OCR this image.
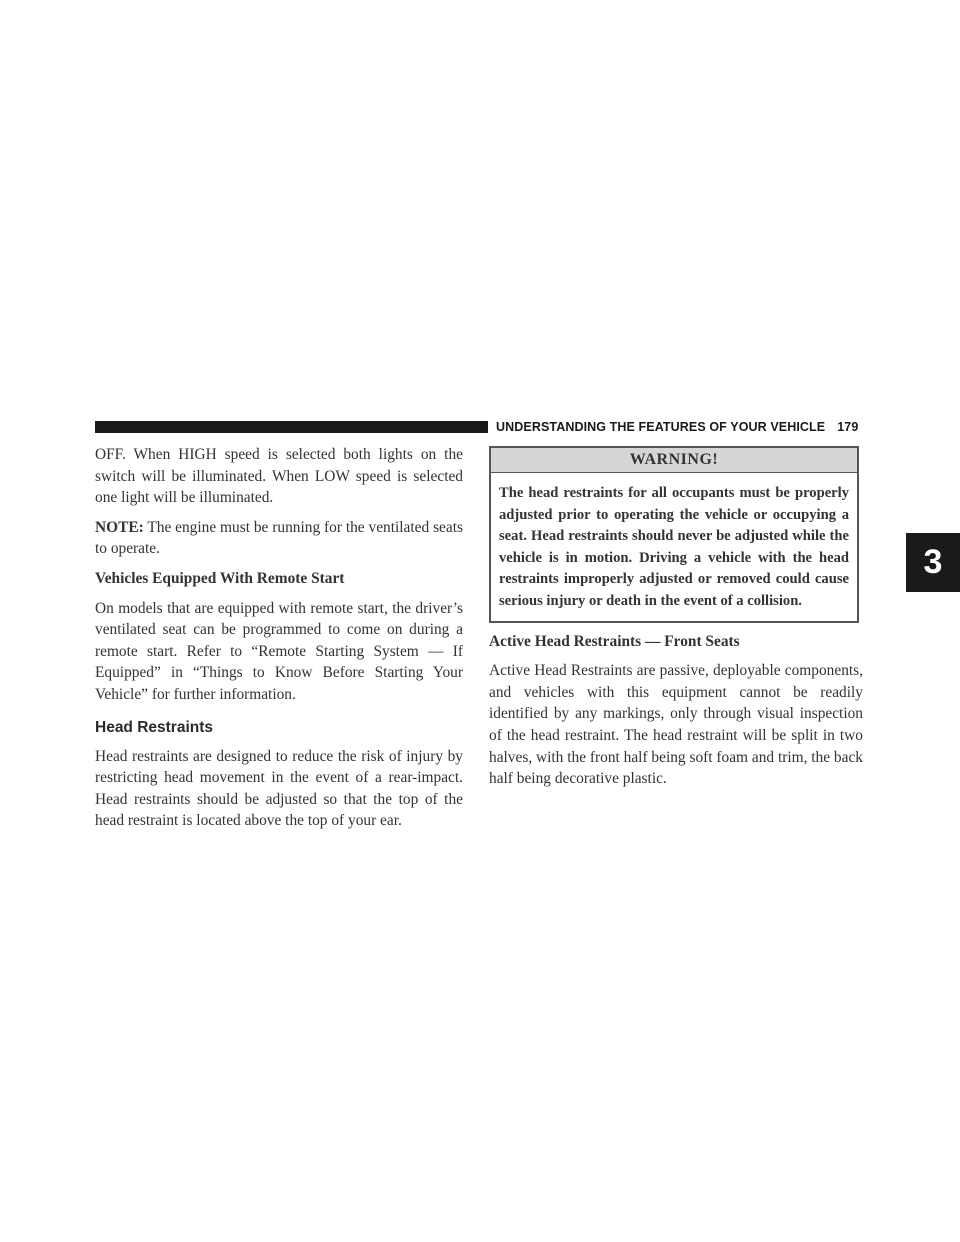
UNDERSTANDING THE FEATURES OF YOUR VEHICLE 179
3

OFF. When HIGH speed is selected both lights on the switch will be illuminated. When LOW speed is selected one light will be illuminated.

NOTE: The engine must be running for the ventilated seats to operate.

Vehicles Equipped With Remote Start

On models that are equipped with remote start, the driver’s ventilated seat can be programmed to come on during a remote start. Refer to “Remote Starting System — If Equipped” in “Things to Know Before Starting Your Vehicle” for further information.

Head Restraints

Head restraints are designed to reduce the risk of injury by restricting head movement in the event of a rear-impact. Head restraints should be adjusted so that the top of the head restraint is located above the top of your ear.

WARNING!
The head restraints for all occupants must be properly adjusted prior to operating the vehicle or occupying a seat. Head restraints should never be adjusted while the vehicle is in motion. Driving a vehicle with the head restraints improperly adjusted or removed could cause serious injury or death in the event of a collision.

Active Head Restraints — Front Seats

Active Head Restraints are passive, deployable components, and vehicles with this equipment cannot be readily identified by any markings, only through visual inspection of the head restraint. The head restraint will be split in two halves, with the front half being soft foam and trim, the back half being decorative plastic.
